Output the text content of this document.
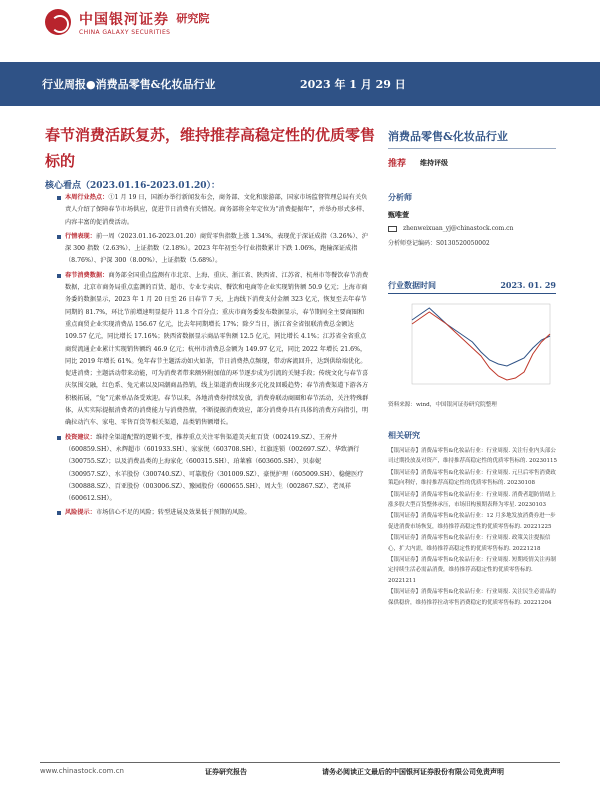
中国银河证券
CHINA GALAXY SECURITIES
研究院
行业周报●消费品零售&化妆品行业	2023 年 1 月 29 日
春节消费活跃复苏，维持推荐高稳定性的优质零售标的
消费品零售&化妆品行业
推荐 维持评级
核心看点（2023.01.16-2023.01.20）：
本周行业热点：①1 月 19 日，国新办举行新闻发布会，商务部、文化和旅游部，国家市场监督管理总局有关负责人介绍了保障春节市场供应，促进节日消费有关情况。商务部将全年定位为“消费提振年”，并举办形式多样、内容丰富的促消费活动。
行情表现：前一周（2023.01.16-2023.01.20）商贸零售指数上涨 1.34%，表现优于深证成指（3.26%）、沪深 300 指数（2.63%）、上证指数（2.18%）。2023 年年初至今行业指数累计下跌 1.06%，跑输深证成指（8.76%）、沪深 300（8.00%）、上证指数（5.68%）。
春节消费数据：商务部全国重点监测有市北京、上海、重庆、浙江省、陕西省、江苏省、杭州市等餐饮春节消费数据，北京市商务局重点监测的百货、超市、专业专卖店、餐饮和电商等企业实现销售额 50.9 亿元；上海市商务委的数据显示，2023 年 1 月 20 日至 26 日春节 7 天，上海线下消费支付金额 323 亿元，恢复至去年春节同期的 81.7%，环比节前增速明显提升 11.8 个百分点；重庆市商务委发布数据显示，春节期间全主要商圈和重点商贸企业实现消费品 156.67 亿元，比去年同期增长 17%；除夕当日，浙江省全省银联消费总金额达 109.57 亿元，同比增长 17.16%；陕西省数据显示商品零售额 12.5 亿元，同比增长 4.1%；江苏省全省重点商贸流通企业累计实现销售额约 46.9 亿元；杭州市消费总金额为 149.97 亿元，同比 2022 年增长 21.6%，同比 2019 年增长 61%。兔年春节主题活动如火如荼，节日消费热点频现，带动客流回升，达到供给端优化。促进消费；主题活动带来动能，可为消费者带来额外附加值的环节逐步成为引流的关键手段；传统文化与春节喜庆氛围交融，红色系、兔元素以及国潮商品热销，线上渠道消费出现多元化及回暖趋势；春节消费渠道下游各方积极拓展，“兔”元素单品备受欢迎。春节以来，各地消费券持续发放，消费券联动商圈和春节活动，关注特殊群体，从实实际提振消费者的消费能力与消费热情，不断提振消费效应，部分消费券具有具体的消费方向指引，明确拉动汽车、家电、零售百货等相关渠道，品类销售额增长。
投资建议：维持全渠道配置的逻辑不变，推荐重点关注零售渠道美天虹百货（002419.SZ）、王府井（600859.SH）、永辉超市（601933.SH）、家家悦（603708.SH）、红旗连锁（002697.SZ）、华致酒行（300755.SZ）；以及消费品类的上海家化（600315.SH）、珀莱雅（603605.SH）、贝泰妮（300957.SZ）、水羊股份（300740.SZ）、可靠股份（301009.SZ）、豪悦护理（605009.SH）、稳健医疗（300888.SZ）、百亚股份（003006.SZ）、豫园股份（600655.SH）、周大生（002867.SZ）、老凤祥（600612.SH）。
风险提示：市场信心不足的风险；转型进展及效果低于预期的风险。
分析师
甄唯萱
zhenweixuan_yj@chinastock.com.cn
分析师登记编码：S0130520050002
行业数据时间	2023. 01. 29
资料来源：wind，中国银河证券研究院整理
相关研究
【银河证券】消费品零售&化妆品行业：行业周报. 关注行业内头部公司过期投放及对资产，维持推荐高稳定性的优质零售标的. 20230115
【银河证券】消费品零售&化妆品行业：行业周报. 元旦后零售消费政策趋向利好，维持推荐高稳定性的优质零售标的. 20230108
【银河证券】消费品零售&化妆品行业：行业周报. 消费者超防情绪上涨多股大型百货整体承压，市场旧构预期表释为零星. 20230103
【银河证券】消费品零售&化妆品行业：12 月多地发放消费券进一步促进消费市场恢复，维持推荐高稳定性的优质零售标的. 20221225
【银河证券】消费品零售&化妆品行业：行业周报. 政策关注提振信心，扩大内需，维持推荐高稳定性的优质零售标的. 20221218
【银河证券】消费品零售&化妆品行业：行业周报. 短期疫情关注再制定持续生活必需品消费，维持推荐高稳定性的优质零售标的. 20221211
【银河证券】消费品零售&化妆品行业：行业周报. 关注民生必需品的保供稳价，维持推荐拉动零售消费稳定的优质零售标的. 20221204
www.chinastock.com.cn	证券研究报告	请务必阅读正文最后的中国银河证券股份有限公司免责声明
